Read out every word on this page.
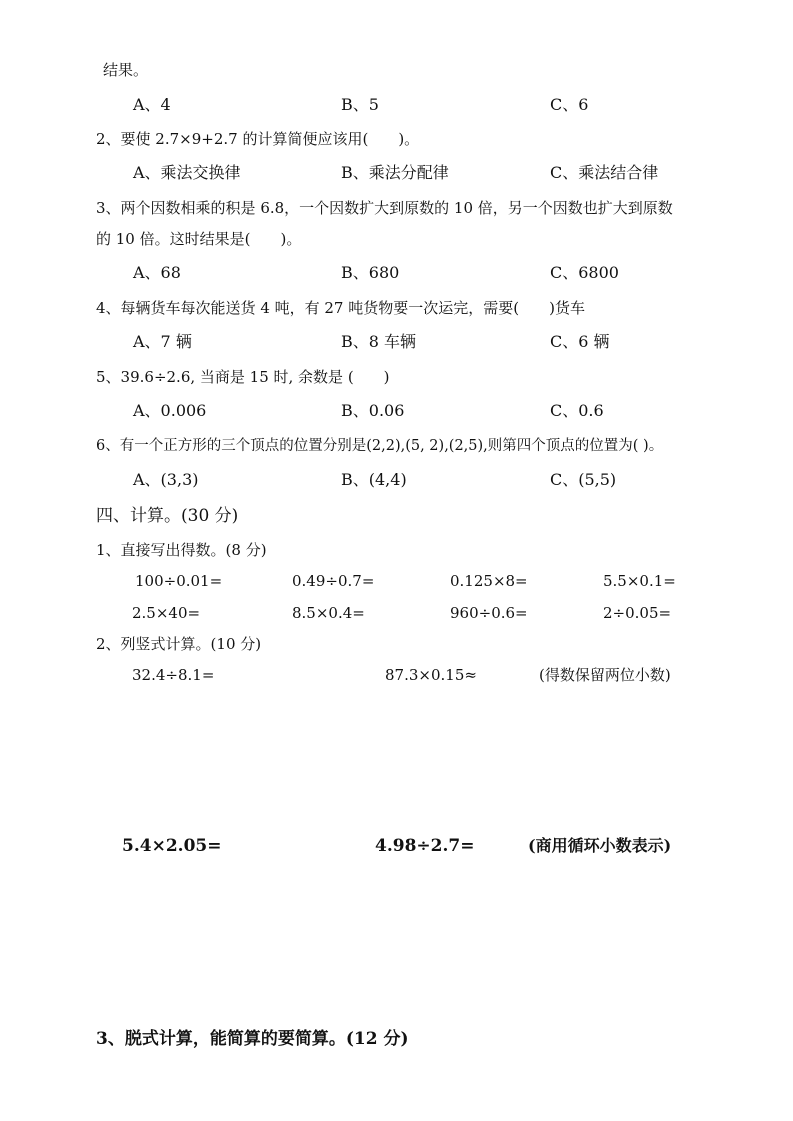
结果。
A、4	B、5	C、6
2、要使 2.7×9+2.7 的计算简便应该用(　　)。
A、乘法交换律	B、乘法分配律	C、乘法结合律
3、两个因数相乘的积是 6.8，一个因数扩大到原数的 10 倍，另一个因数也扩大到原数
的 10 倍。这时结果是(　　)。
A、68	B、680	C、6800
4、每辆货车每次能送货 4 吨，有 27 吨货物要一次运完，需要(　　)货车
A、7 辆	B、8 车辆	C、6 辆
5、39.6÷2.6, 当商是 15 时, 余数是 (　　)
A、0.006	B、0.06	C、0.6
6、有一个正方形的三个顶点的位置分别是(2,2),(5, 2),(2,5),则第四个顶点的位置为( )。
A、(3,3)	B、(4,4)	C、(5,5)
四、计算。(30 分)
1、直接写出得数。(8 分)
100÷0.01=	0.49÷0.7=	0.125×8=	5.5×0.1=
2.5×40=	8.5×0.4=	960÷0.6=	2÷0.05=
2、列竖式计算。(10 分)
32.4÷8.1=	87.3×0.15≈	(得数保留两位小数)
5.4×2.05=	4.98÷2.7=	(商用循环小数表示)
3、脱式计算，能简算的要简算。(12 分)
